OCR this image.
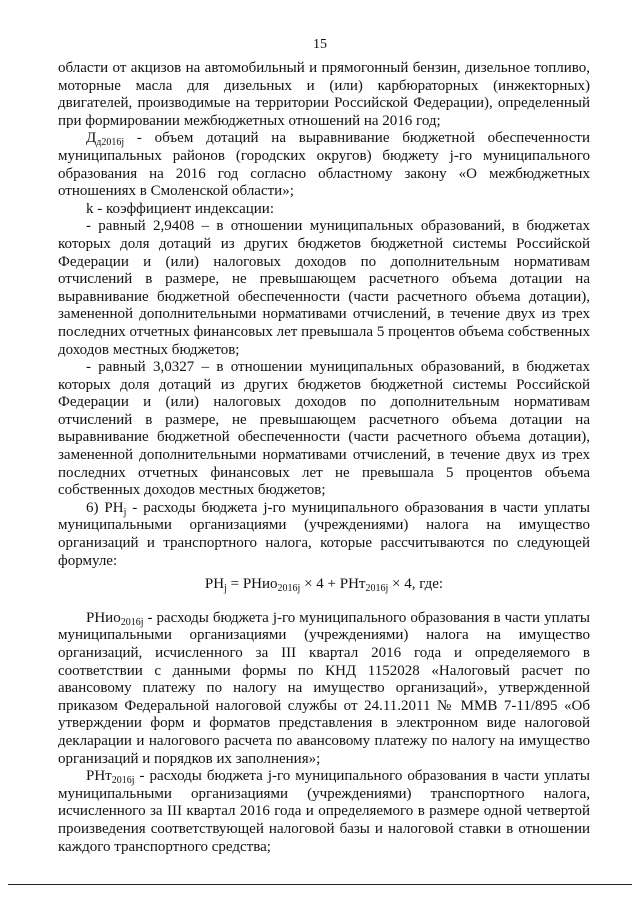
15

области от акцизов на автомобильный и прямогонный бензин, дизельное топливо, моторные масла для дизельных и (или) карбюраторных (инжекторных) двигателей, производимые на территории Российской Федерации), определенный при формировании межбюджетных отношений на 2016 год;

$Д_{д2016j}$ - объем дотаций на выравнивание бюджетной обеспеченности муниципальных районов (городских округов) бюджету j-го муниципального образования на 2016 год согласно областному закону «О межбюджетных отношениях в Смоленской области»;

k - коэффициент индексации:

- равный 2,9408 – в отношении муниципальных образований, в бюджетах которых доля дотаций из других бюджетов бюджетной системы Российской Федерации и (или) налоговых доходов по дополнительным нормативам отчислений в размере, не превышающем расчетного объема дотации на выравнивание бюджетной обеспеченности (части расчетного объема дотации), замененной дополнительными нормативами отчислений, в течение двух из трех последних отчетных финансовых лет превышала 5 процентов объема собственных доходов местных бюджетов;

- равный 3,0327 – в отношении муниципальных образований, в бюджетах которых доля дотаций из других бюджетов бюджетной системы Российской Федерации и (или) налоговых доходов по дополнительным нормативам отчислений в размере, не превышающем расчетного объема дотации на выравнивание бюджетной обеспеченности (части расчетного объема дотации), замененной дополнительными нормативами отчислений, в течение двух из трех последних отчетных финансовых лет не превышала 5 процентов объема собственных доходов местных бюджетов;

6) $РН_j$ - расходы бюджета j-го муниципального образования в части уплаты муниципальными организациями (учреждениями) налога на имущество организаций и транспортного налога, которые рассчитываются по следующей формуле:

$РН_j$ = РНио$_{2016j}$ × 4 + РНт$_{2016j}$ × 4, где:

РНио$_{2016j}$ - расходы бюджета j-го муниципального образования в части уплаты муниципальными организациями (учреждениями) налога на имущество организаций, исчисленного за III квартал 2016 года и определяемого в соответствии с данными формы по КНД 1152028 «Налоговый расчет по авансовому платежу по налогу на имущество организаций», утвержденной приказом Федеральной налоговой службы от 24.11.2011 № ММВ 7-11/895 «Об утверждении форм и форматов представления в электронном виде налоговой декларации и налогового расчета по авансовому платежу по налогу на имущество организаций и порядков их заполнения»;

РНт$_{2016j}$ - расходы бюджета j-го муниципального образования в части уплаты муниципальными организациями (учреждениями) транспортного налога, исчисленного за III квартал 2016 года и определяемого в размере одной четвертой произведения соответствующей налоговой базы и налоговой ставки в отношении каждого транспортного средства;
